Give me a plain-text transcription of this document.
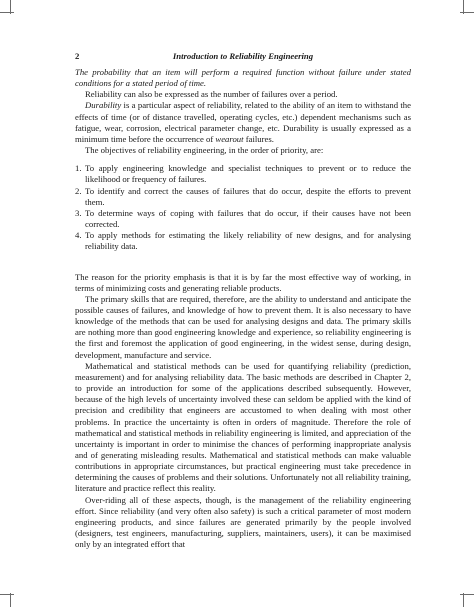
2	Introduction to Reliability Engineering

The probability that an item will perform a required function without failure under stated conditions for a stated period of time.

Reliability can also be expressed as the number of failures over a period.

Durability is a particular aspect of reliability, related to the ability of an item to withstand the effects of time (or of distance travelled, operating cycles, etc.) dependent mechanisms such as fatigue, wear, corrosion, electrical parameter change, etc. Durability is usually expressed as a minimum time before the occurrence of wearout failures.

The objectives of reliability engineering, in the order of priority, are:

1. To apply engineering knowledge and specialist techniques to prevent or to reduce the likelihood or frequency of failures.
2. To identify and correct the causes of failures that do occur, despite the efforts to prevent them.
3. To determine ways of coping with failures that do occur, if their causes have not been corrected.
4. To apply methods for estimating the likely reliability of new designs, and for analysing reliability data.

The reason for the priority emphasis is that it is by far the most effective way of working, in terms of minimizing costs and generating reliable products.

The primary skills that are required, therefore, are the ability to understand and anticipate the possible causes of failures, and knowledge of how to prevent them. It is also necessary to have knowledge of the methods that can be used for analysing designs and data. The primary skills are nothing more than good engineering knowledge and experience, so reliability engineering is the first and foremost the application of good engineering, in the widest sense, during design, development, manufacture and service.

Mathematical and statistical methods can be used for quantifying reliability (prediction, measurement) and for analysing reliability data. The basic methods are described in Chapter 2, to provide an introduction for some of the applications described subsequently. However, because of the high levels of uncertainty involved these can seldom be applied with the kind of precision and credibility that engineers are accustomed to when dealing with most other problems. In practice the uncertainty is often in orders of magnitude. Therefore the role of mathematical and statistical methods in reliability engineering is limited, and appreciation of the uncertainty is important in order to minimise the chances of performing inappropriate analysis and of generating misleading results. Mathematical and statistical methods can make valuable contributions in appropriate circumstances, but practical engineering must take precedence in determining the causes of problems and their solutions. Unfortunately not all reliability training, literature and practice reflect this reality.

Over-riding all of these aspects, though, is the management of the reliability engineering effort. Since reliability (and very often also safety) is such a critical parameter of most modern engineering products, and since failures are generated primarily by the people involved (designers, test engineers, manufacturing, suppliers, maintainers, users), it can be maximised only by an integrated effort that
